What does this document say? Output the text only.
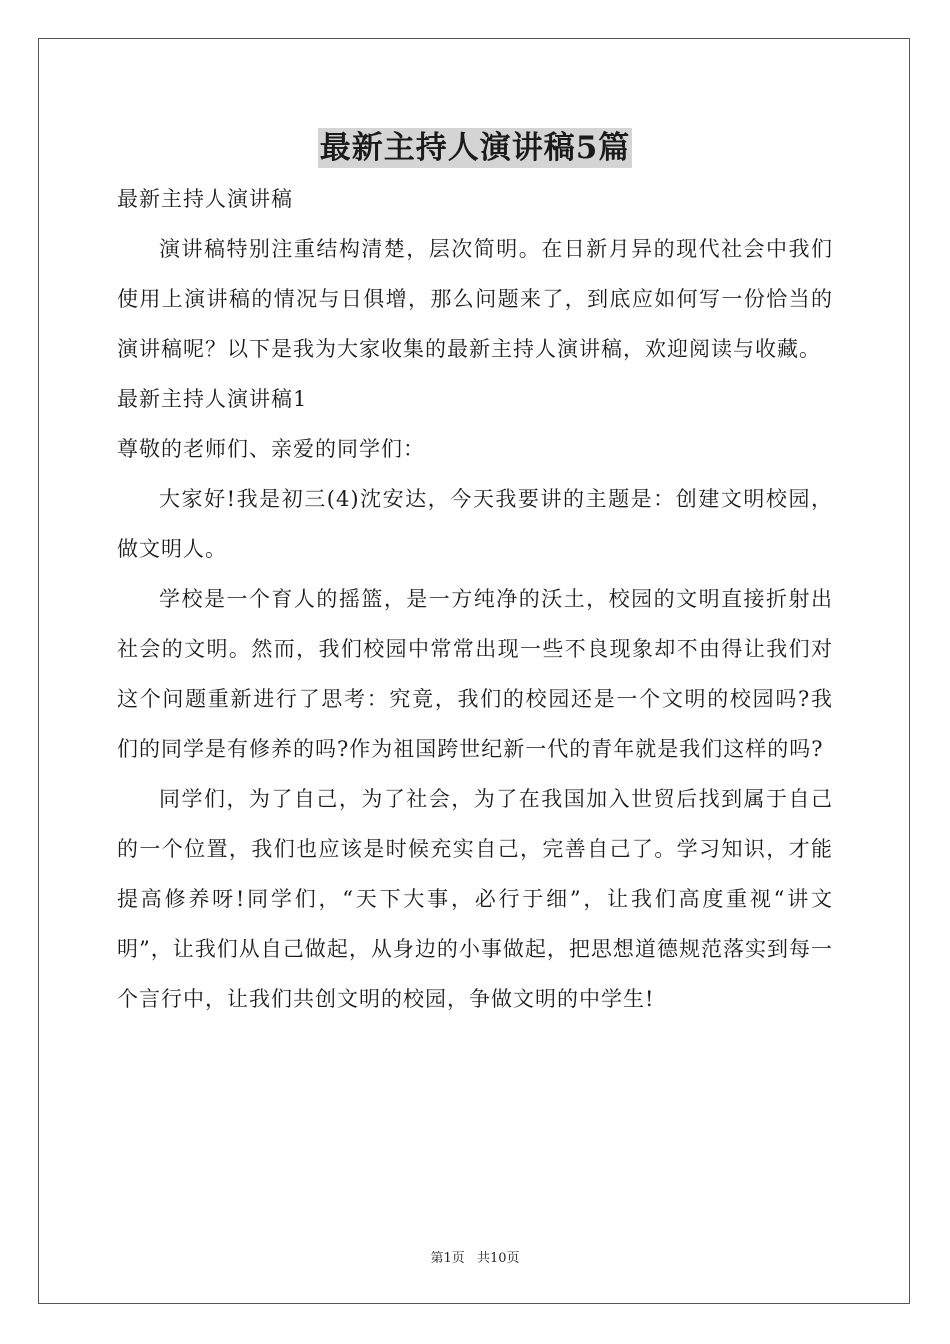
最新主持人演讲稿5篇

最新主持人演讲稿

演讲稿特别注重结构清楚，层次简明。在日新月异的现代社会中我们使用上演讲稿的情况与日俱增，那么问题来了，到底应如何写一份恰当的演讲稿呢？以下是我为大家收集的最新主持人演讲稿，欢迎阅读与收藏。

最新主持人演讲稿1

尊敬的老师们、亲爱的同学们：

大家好!我是初三(4)沈安达，今天我要讲的主题是：创建文明校园，做文明人。

学校是一个育人的摇篮，是一方纯净的沃土，校园的文明直接折射出社会的文明。然而，我们校园中常常出现一些不良现象却不由得让我们对这个问题重新进行了思考：究竟，我们的校园还是一个文明的校园吗?我们的同学是有修养的吗?作为祖国跨世纪新一代的青年就是我们这样的吗?

同学们，为了自己，为了社会，为了在我国加入世贸后找到属于自己的一个位置，我们也应该是时候充实自己，完善自己了。学习知识，才能提高修养呀!同学们，“天下大事，必行于细”，让我们高度重视“讲文明”，让我们从自己做起，从身边的小事做起，把思想道德规范落实到每一个言行中，让我们共创文明的校园，争做文明的中学生!

第1页 共10页
